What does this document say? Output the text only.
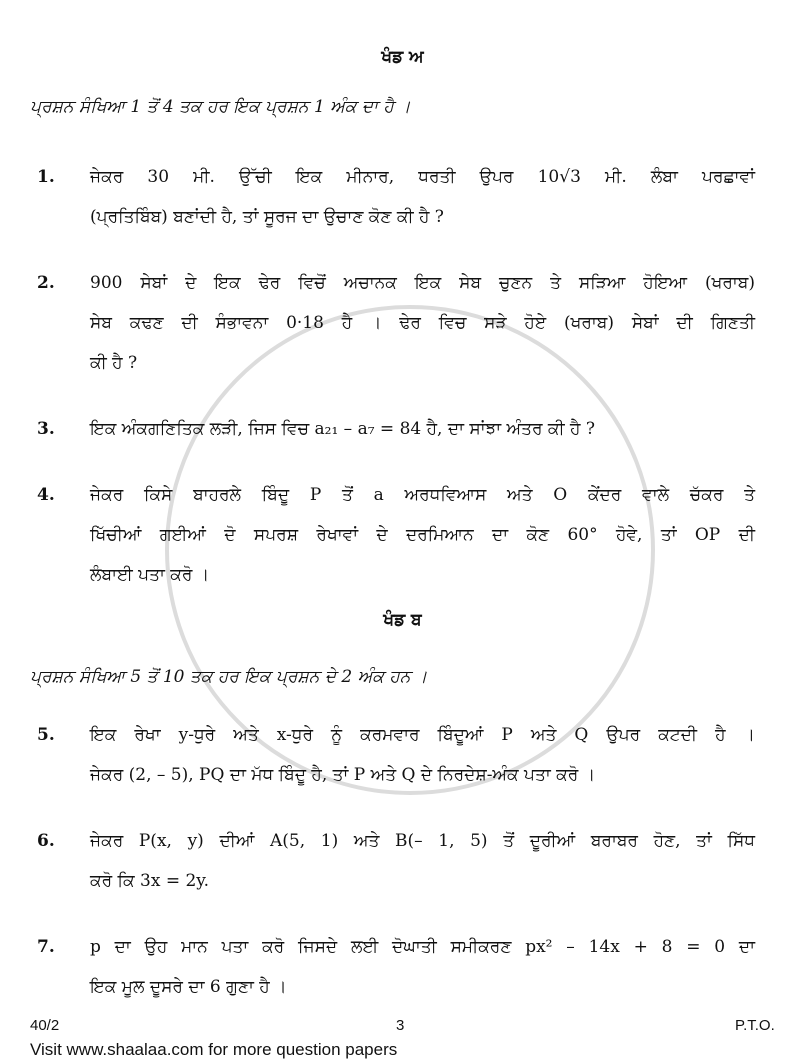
ਖੰਡ ਅ
ਪ੍ਰਸ਼ਨ ਸੰਖਿਆ 1 ਤੋਂ 4 ਤਕ ਹਰ ਇਕ ਪ੍ਰਸ਼ਨ 1 ਅੰਕ ਦਾ ਹੈ ।
1.	ਜੇਕਰ 30 ਮੀ. ਉੱਚੀ ਇਕ ਮੀਨਾਰ, ਧਰਤੀ ਉਪਰ 10√3 ਮੀ. ਲੰਬਾ ਪਰਛਾਵਾਂ
(ਪ੍ਰਤਿਬਿੰਬ) ਬਣਾਂਦੀ ਹੈ, ਤਾਂ ਸੂਰਜ ਦਾ ਉਚਾਣ ਕੋਣ ਕੀ ਹੈ ?
2.	900 ਸੇਬਾਂ ਦੇ ਇਕ ਢੇਰ ਵਿਚੋਂ ਅਚਾਨਕ ਇਕ ਸੇਬ ਚੁਣਨ ਤੇ ਸੜਿਆ ਹੋਇਆ (ਖਰਾਬ)
ਸੇਬ ਕਢਣ ਦੀ ਸੰਭਾਵਨਾ 0·18 ਹੈ । ਢੇਰ ਵਿਚ ਸੜੇ ਹੋਏ (ਖਰਾਬ) ਸੇਬਾਂ ਦੀ ਗਿਣਤੀ
ਕੀ ਹੈ ?
3.	ਇਕ ਅੰਕਗਣਿਤਿਕ ਲੜੀ, ਜਿਸ ਵਿਚ a₂₁ – a₇ = 84 ਹੈ, ਦਾ ਸਾਂਝਾ ਅੰਤਰ ਕੀ ਹੈ ?
4.	ਜੇਕਰ ਕਿਸੇ ਬਾਹਰਲੇ ਬਿੰਦੂ P ਤੋਂ a ਅਰਧਵਿਆਸ ਅਤੇ O ਕੇਂਦਰ ਵਾਲੇ ਚੱਕਰ ਤੇ
ਖਿੱਚੀਆਂ ਗਈਆਂ ਦੋ ਸਪਰਸ਼ ਰੇਖਾਵਾਂ ਦੇ ਦਰਮਿਆਨ ਦਾ ਕੋਣ 60° ਹੋਵੇ, ਤਾਂ OP ਦੀ
ਲੰਬਾਈ ਪਤਾ ਕਰੋ ।
ਖੰਡ ਬ
ਪ੍ਰਸ਼ਨ ਸੰਖਿਆ 5 ਤੋਂ 10 ਤਕ ਹਰ ਇਕ ਪ੍ਰਸ਼ਨ ਦੇ 2 ਅੰਕ ਹਨ ।
5.	ਇਕ ਰੇਖਾ y-ਧੁਰੇ ਅਤੇ x-ਧੁਰੇ ਨੂੰ ਕਰਮਵਾਰ ਬਿੰਦੂਆਂ P ਅਤੇ Q ਉਪਰ ਕਟਦੀ ਹੈ ।
ਜੇਕਰ (2, – 5), PQ ਦਾ ਮੱਧ ਬਿੰਦੂ ਹੈ, ਤਾਂ P ਅਤੇ Q ਦੇ ਨਿਰਦੇਸ਼-ਅੰਕ ਪਤਾ ਕਰੋ ।
6.	ਜੇਕਰ P(x, y) ਦੀਆਂ A(5, 1) ਅਤੇ B(– 1, 5) ਤੋਂ ਦੂਰੀਆਂ ਬਰਾਬਰ ਹੋਣ, ਤਾਂ ਸਿੱਧ
ਕਰੋ ਕਿ 3x = 2y.
7.	p ਦਾ ਉਹ ਮਾਨ ਪਤਾ ਕਰੋ ਜਿਸਦੇ ਲਈ ਦੋਘਾਤੀ ਸਮੀਕਰਣ px² – 14x + 8 = 0 ਦਾ
ਇਕ ਮੂਲ ਦੂਸਰੇ ਦਾ 6 ਗੁਣਾ ਹੈ ।
40/2	3	P.T.O.
Visit www.shaalaa.com for more question papers
